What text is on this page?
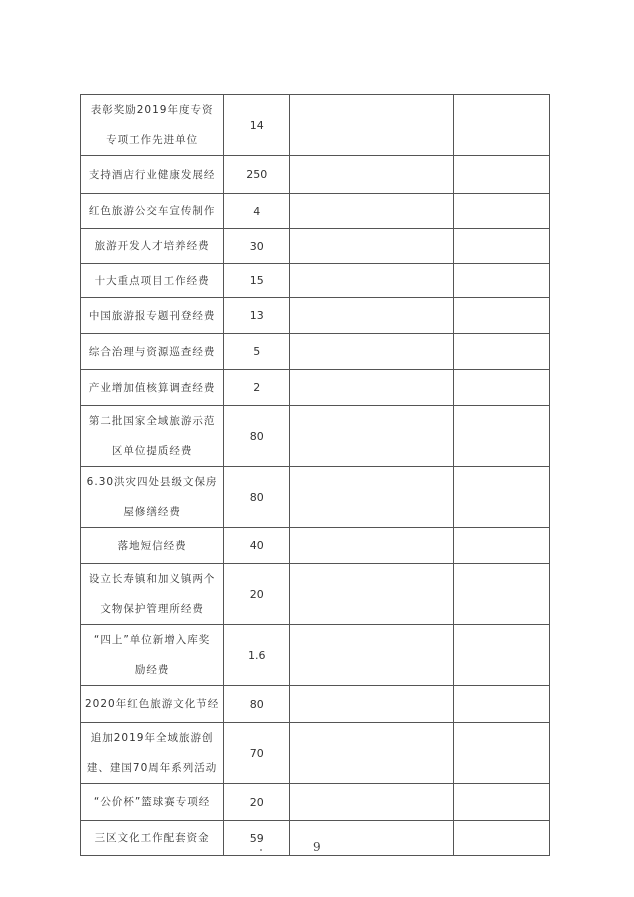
表彰奖励2019年度专资
专项工作先进单位	14		

支持酒店行业健康发展经	250		

红色旅游公交车宣传制作	4		

旅游开发人才培养经费	30		

十大重点项目工作经费	15		

中国旅游报专题刊登经费	13		

综合治理与资源巡查经费	5		

产业增加值核算调查经费	2		

第二批国家全域旅游示范
区单位提质经费	80		

6.30洪灾四处县级文保房
屋修缮经费	80		

落地短信经费	40		

设立长寿镇和加义镇两个
文物保护管理所经费	20		

“四上”单位新增入库奖
励经费	1.6		

2020年红色旅游文化节经	80		

追加2019年全域旅游创
建、建国70周年系列活动	70		

“公价杯”篮球赛专项经	20		

三区文化工作配套资金	59		

9
